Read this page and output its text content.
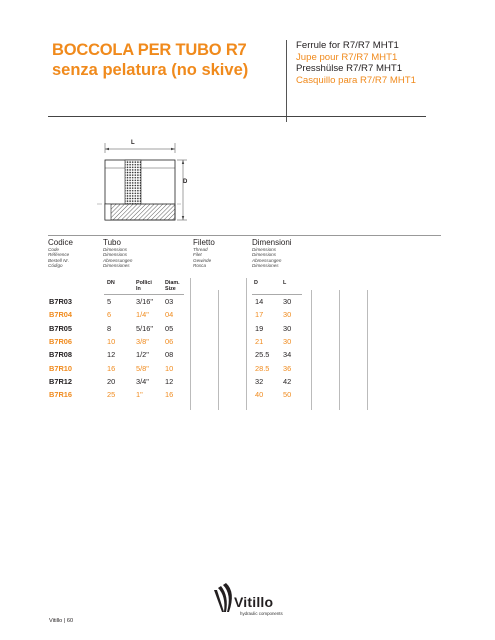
BOCCOLA PER TUBO R7
senza pelatura (no skive)
Ferrule for R7/R7 MHT1
Jupe pour R7/R7 MHT1
Presshülse R7/R7 MHT1
Casquillo para R7/R7 MHT1
L
D
Codice
Code
Référence
Bestell Nr.
Código
Tubo
Dimensions
Dimensions
Abmessungen
Dimensiones
Filetto
Thread
Filet
Gewinde
Rosca
Dimensioni
Dimensions
Dimensions
Abmessungen
Dimensiones
DN	Pollici
In
Diam.
Size
D	L
B7R03	5	3/16" 03	14	30
B7R04	6	1/4" 04	17	30
B7R05	8	5/16" 05	19	30
B7R06	10	3/8" 06	21	30
B7R08	12	1/2" 08	25.5 34
B7R10	16	5/8" 10	28.5 36
B7R12	20	3/4" 12	32	42
B7R16	25	1"	16	40	50
Vitillo
hydraulic components
Vitillo | 60
